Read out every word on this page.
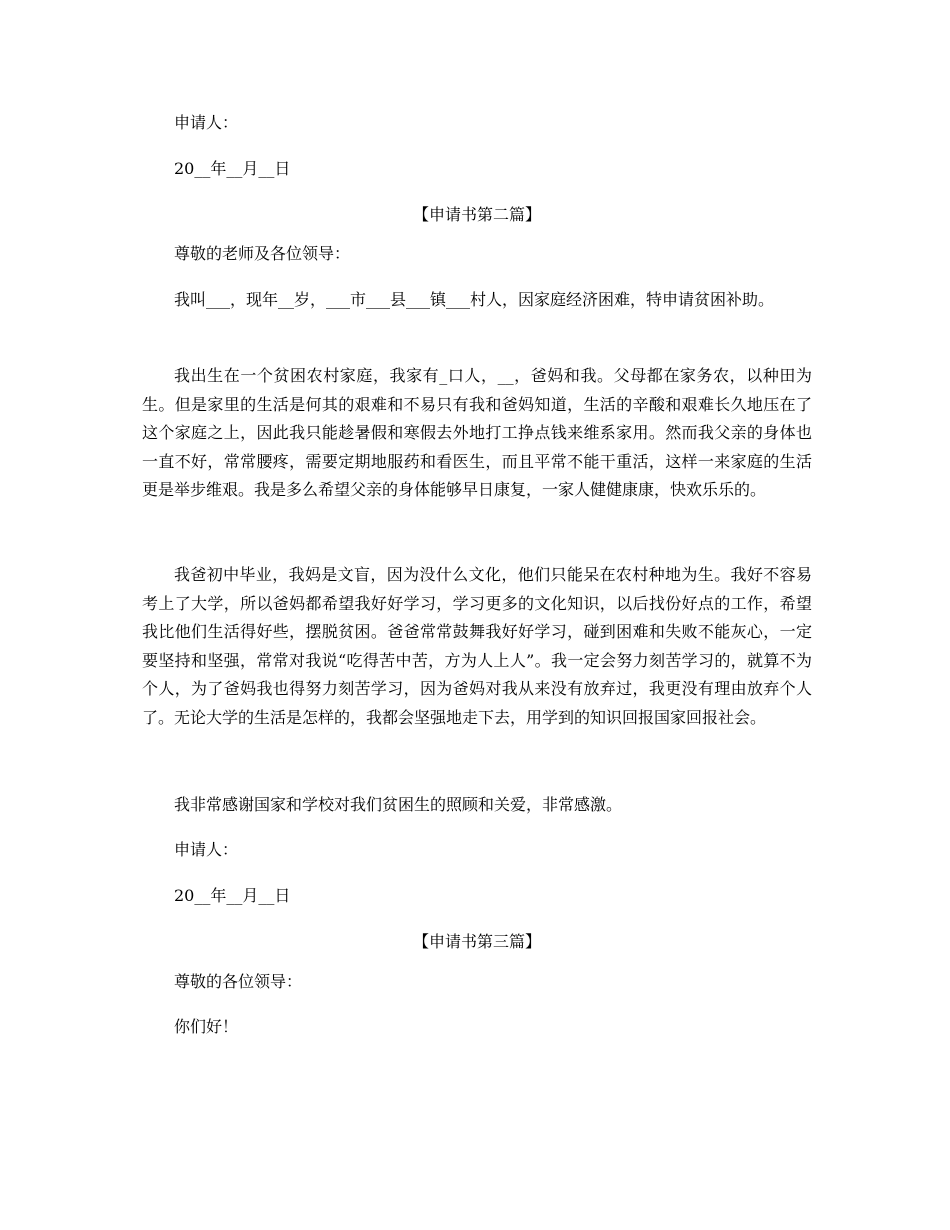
申请人：
20__年__月__日
【申请书第二篇】
尊敬的老师及各位领导：
我叫___，现年__岁，___市___县___镇___村人，因家庭经济困难，特申请贫困补助。
我出生在一个贫困农村家庭，我家有_口人，__，爸妈和我。父母都在家务农，以种田为生。但是家里的生活是何其的艰难和不易只有我和爸妈知道，生活的辛酸和艰难长久地压在了这个家庭之上，因此我只能趁暑假和寒假去外地打工挣点钱来维系家用。然而我父亲的身体也一直不好，常常腰疼，需要定期地服药和看医生，而且平常不能干重活，这样一来家庭的生活更是举步维艰。我是多么希望父亲的身体能够早日康复，一家人健健康康，快欢乐乐的。
我爸初中毕业，我妈是文盲，因为没什么文化，他们只能呆在农村种地为生。我好不容易考上了大学，所以爸妈都希望我好好学习，学习更多的文化知识，以后找份好点的工作，希望我比他们生活得好些，摆脱贫困。爸爸常常鼓舞我好好学习，碰到困难和失败不能灰心，一定要坚持和坚强，常常对我说“吃得苦中苦，方为人上人”。我一定会努力刻苦学习的，就算不为个人，为了爸妈我也得努力刻苦学习，因为爸妈对我从来没有放弃过，我更没有理由放弃个人了。无论大学的生活是怎样的，我都会坚强地走下去，用学到的知识回报国家回报社会。
我非常感谢国家和学校对我们贫困生的照顾和关爱，非常感激。
申请人：
20__年__月__日
【申请书第三篇】
尊敬的各位领导：
你们好！
